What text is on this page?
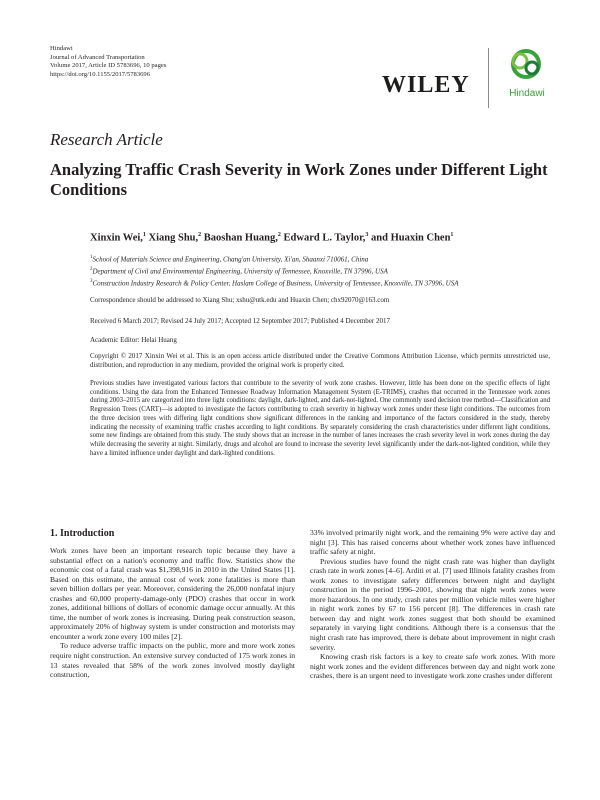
Hindawi
Journal of Advanced Transportation
Volume 2017, Article ID 5783696, 10 pages
https://doi.org/10.1155/2017/5783696	WILEY	Hindawi
Research Article
Analyzing Traffic Crash Severity in Work Zones under Different Light Conditions
Xinxin Wei,$^1$ Xiang Shu,$^2$ Baoshan Huang,$^2$ Edward L. Taylor,$^3$ and Huaxin Chen$^1$
$^1$School of Materials Science and Engineering, Chang'an University, Xi'an, Shaanxi 710061, China
$^2$Department of Civil and Environmental Engineering, University of Tennessee, Knoxville, TN 37996, USA
$^3$Construction Industry Research & Policy Center, Haslam College of Business, University of Tennessee, Knoxville, TN 37996, USA
Correspondence should be addressed to Xiang Shu; xshu@utk.edu and Huaxin Chen; chx92070@163.com
Received 6 March 2017; Revised 24 July 2017; Accepted 12 September 2017; Published 4 December 2017
Academic Editor: Helai Huang
Copyright © 2017 Xinxin Wei et al. This is an open access article distributed under the Creative Commons Attribution License, which permits unrestricted use, distribution, and reproduction in any medium, provided the original work is properly cited.
Previous studies have investigated various factors that contribute to the severity of work zone crashes. However, little has been done on the specific effects of light conditions. Using the data from the Enhanced Tennessee Roadway Information Management System (E-TRIMS), crashes that occurred in the Tennessee work zones during 2003–2015 are categorized into three light conditions: daylight, dark-lighted, and dark-not-lighted. One commonly used decision tree method—Classification and Regression Trees (CART)—is adopted to investigate the factors contributing to crash severity in highway work zones under these light conditions. The outcomes from the three decision trees with differing light conditions show significant differences in the ranking and importance of the factors considered in the study, thereby indicating the necessity of examining traffic crashes according to light conditions. By separately considering the crash characteristics under different light conditions, some new findings are obtained from this study. The study shows that an increase in the number of lanes increases the crash severity level in work zones during the day while decreasing the severity at night. Similarly, drugs and alcohol are found to increase the severity level significantly under the dark-not-lighted condition, while they have a limited influence under daylight and dark-lighted conditions.
1. Introduction

Work zones have been an important research topic because they have a substantial effect on a nation's economy and traffic flow. Statistics show the economic cost of a fatal crash was $1,398,916 in 2010 in the United States [1]. Based on this estimate, the annual cost of work zone fatalities is more than seven billion dollars per year. Moreover, considering the 26,000 nonfatal injury crashes and 60,000 property-damage-only (PDO) crashes that occur in work zones, additional billions of dollars of economic damage occur annually. At this time, the number of work zones is increasing. During peak construction season, approximately 20% of highway system is under construction and motorists may encounter a work zone every 100 miles [2].

To reduce adverse traffic impacts on the public, more and more work zones require night construction. An extensive survey conducted of 175 work zones in 13 states revealed that 58% of the work zones involved mostly daylight construction,

33% involved primarily night work, and the remaining 9% were active day and night [3]. This has raised concerns about whether work zones have influenced traffic safety at night.

Previous studies have found the night crash rate was higher than daylight crash rate in work zones [4–6]. Arditi et al. [7] used Illinois fatality crashes from work zones to investigate safety differences between night and daylight construction in the period 1996–2001, showing that night work zones were more hazardous. In one study, crash rates per million vehicle miles were higher in night work zones by 67 to 156 percent [8]. The differences in crash rate between day and night work zones suggest that both should be examined separately in varying light conditions. Although there is a consensus that the night crash rate has improved, there is debate about improvement in night crash severity.

Knowing crash risk factors is a key to create safe work zones. With more night work zones and the evident differences between day and night work zone crashes, there is an urgent need to investigate work zone crashes under different
